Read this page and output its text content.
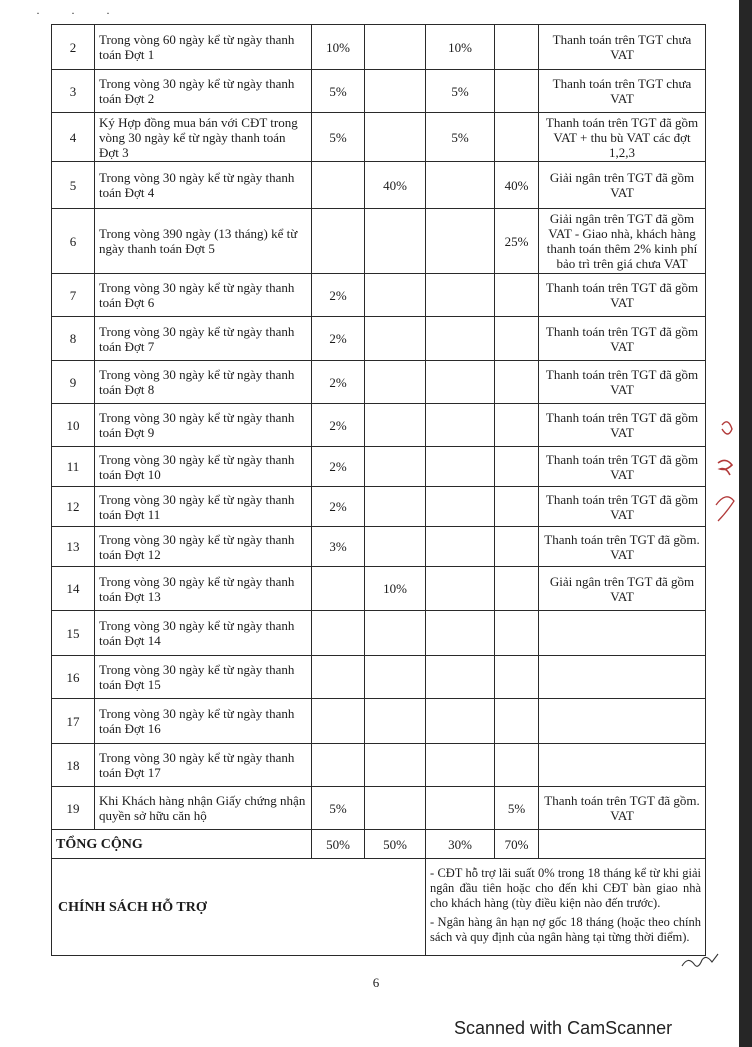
· · ·
2	Trong vòng 60 ngày kể từ ngày thanh toán Đợt 1	10%		10%		Thanh toán trên TGT chưa VAT
3	Trong vòng 30 ngày kể từ ngày thanh toán Đợt 2	5%		5%		Thanh toán trên TGT chưa VAT
4	Ký Hợp đồng mua bán với CĐT trong vòng 30 ngày kể từ ngày thanh toán Đợt 3	5%		5%		Thanh toán trên TGT đã gồm VAT + thu bù VAT các đợt 1,2,3
5	Trong vòng 30 ngày kể từ ngày thanh toán Đợt 4		40%		40%	Giải ngân trên TGT đã gồm VAT
6	Trong vòng 390 ngày (13 tháng) kể từ ngày thanh toán Đợt 5				25%	Giải ngân trên TGT đã gồm VAT - Giao nhà, khách hàng thanh toán thêm 2% kinh phí bảo trì trên giá chưa VAT
7	Trong vòng 30 ngày kể từ ngày thanh toán Đợt 6	2%				Thanh toán trên TGT đã gồm VAT
8	Trong vòng 30 ngày kể từ ngày thanh toán Đợt 7	2%				Thanh toán trên TGT đã gồm VAT
9	Trong vòng 30 ngày kể từ ngày thanh toán Đợt 8	2%				Thanh toán trên TGT đã gồm VAT
10	Trong vòng 30 ngày kể từ ngày thanh toán Đợt 9	2%				Thanh toán trên TGT đã gồm VAT
11	Trong vòng 30 ngày kể từ ngày thanh toán Đợt 10	2%				Thanh toán trên TGT đã gồm VAT
12	Trong vòng 30 ngày kể từ ngày thanh toán Đợt 11	2%				Thanh toán trên TGT đã gồm VAT
13	Trong vòng 30 ngày kể từ ngày thanh toán Đợt 12	3%				Thanh toán trên TGT đã gồm. VAT
14	Trong vòng 30 ngày kể từ ngày thanh toán Đợt 13		10%			Giải ngân trên TGT đã gồm VAT
15	Trong vòng 30 ngày kể từ ngày thanh toán Đợt 14					
16	Trong vòng 30 ngày kể từ ngày thanh toán Đợt 15					
17	Trong vòng 30 ngày kể từ ngày thanh toán Đợt 16					
18	Trong vòng 30 ngày kể từ ngày thanh toán Đợt 17					
19	Khi Khách hàng nhận Giấy chứng nhận quyền sở hữu căn hộ	5%			5%	Thanh toán trên TGT đã gồm. VAT
TỔNG CỘNG		50%	50%	30%	70%	
CHÍNH SÁCH HỖ TRỢ				- CĐT hỗ trợ lãi suất 0% trong 18 tháng kể từ khi giải ngân đầu tiên hoặc cho đến khi CĐT bàn giao nhà cho khách hàng (tùy điều kiện nào đến trước).

- Ngân hàng ân hạn nợ gốc 18 tháng (hoặc theo chính sách và quy định của ngân hàng tại từng thời điểm).		

6
Scanned with CamScanner
